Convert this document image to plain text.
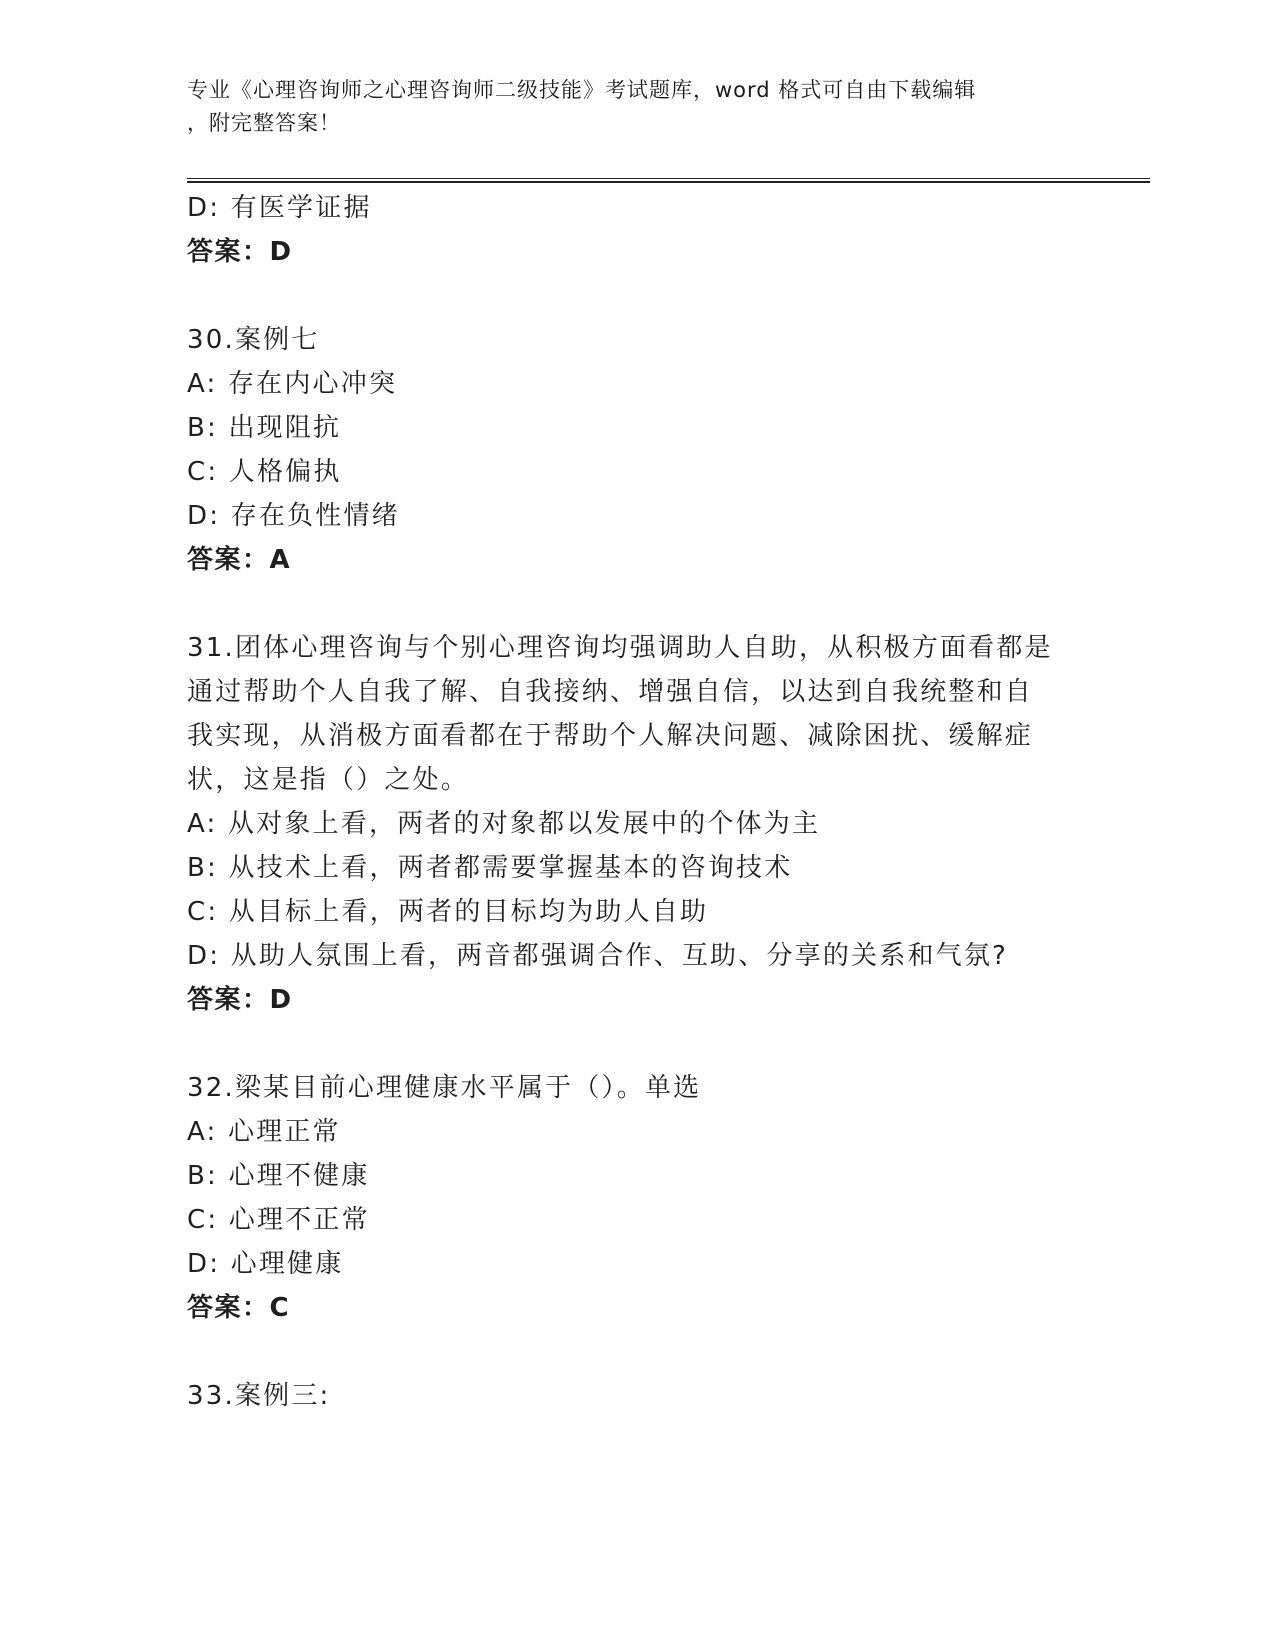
专业《心理咨询师之心理咨询师二级技能》考试题库，word 格式可自由下载编辑
，附完整答案！
D: 有医学证据
答案：D
30.案例七
A: 存在内心冲突
B: 出现阻抗
C: 人格偏执
D: 存在负性情绪
答案：A
31.团体心理咨询与个别心理咨询均强调助人自助，从积极方面看都是
通过帮助个人自我了解、自我接纳、增强自信，以达到自我统整和自
我实现，从消极方面看都在于帮助个人解决问题、减除困扰、缓解症
状，这是指（）之处。
A: 从对象上看，两者的对象都以发展中的个体为主
B: 从技术上看，两者都需要掌握基本的咨询技术
C: 从目标上看，两者的目标均为助人自助
D: 从助人氛围上看，两音都强调合作、互助、分享的关系和气氛?
答案：D
32.梁某目前心理健康水平属于（）。单选
A: 心理正常
B: 心理不健康
C: 心理不正常
D: 心理健康
答案：C
33.案例三:
